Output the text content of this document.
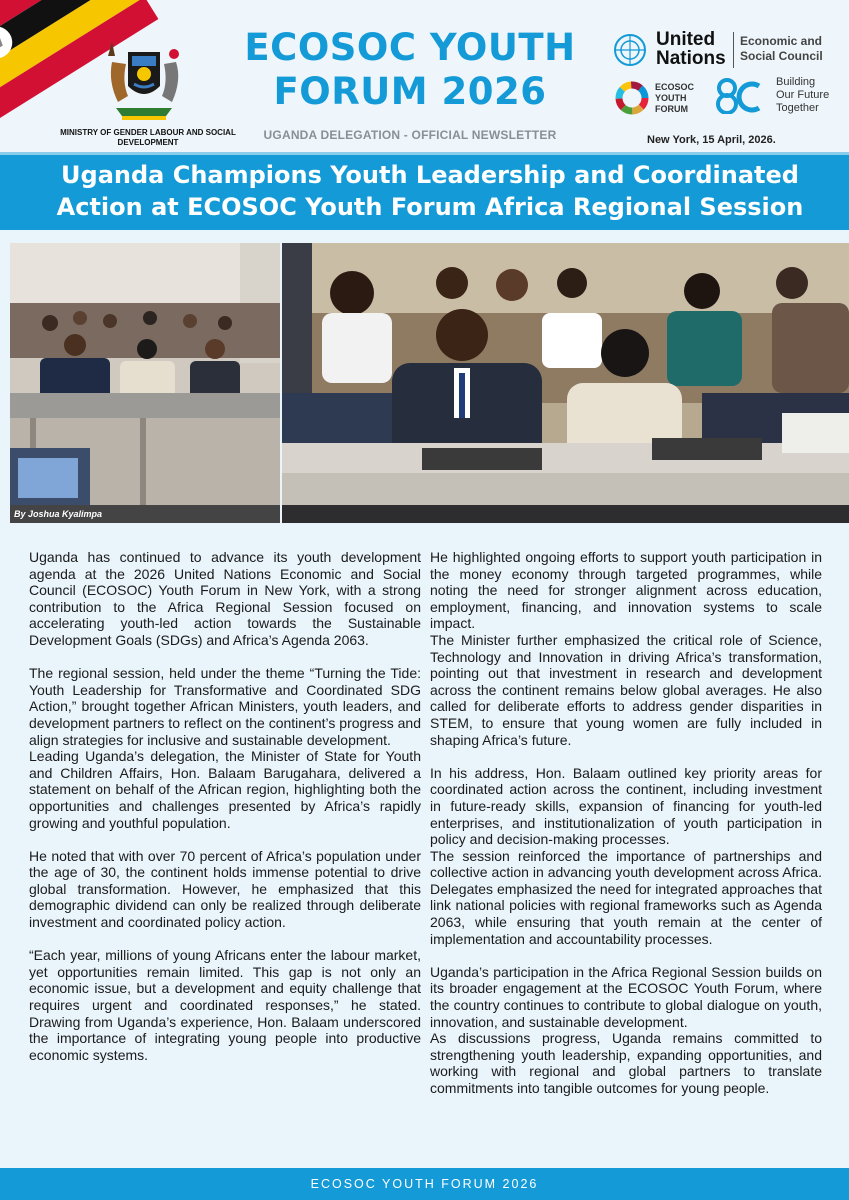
MINISTRY OF GENDER LABOUR AND SOCIAL DEVELOPMENT
ECOSOC YOUTH
FORUM 2026
UGANDA DELEGATION - OFFICIAL NEWSLETTER
United
Nations
Economic and
Social Council
ECOSOC
YOUTH
FORUM
Building
Our Future
Together
New York, 15 April, 2026.
Uganda Champions Youth Leadership and Coordinated
Action at ECOSOC Youth Forum Africa Regional Session
By Joshua Kyalimpa

Uganda has continued to advance its youth development agenda at the 2026 United Nations Economic and Social Council (ECOSOC) Youth Forum in New York, with a strong contribution to the Africa Regional Session focused on accelerating youth-led action towards the Sustainable Development Goals (SDGs) and Africa’s Agenda 2063.

The regional session, held under the theme “Turning the Tide: Youth Leadership for Transformative and Coordinated SDG Action,” brought together African Ministers, youth leaders, and development partners to reflect on the continent’s progress and align strategies for inclusive and sustainable development.

Leading Uganda’s delegation, the Minister of State for Youth and Children Affairs, Hon. Balaam Barugahara, delivered a statement on behalf of the African region, highlighting both the opportunities and challenges presented by Africa’s rapidly growing and youthful population.

He noted that with over 70 percent of Africa’s population under the age of 30, the continent holds immense potential to drive global transformation. However, he emphasized that this demographic dividend can only be realized through deliberate investment and coordinated policy action.

“Each year, millions of young Africans enter the labour market, yet opportunities remain limited. This gap is not only an economic issue, but a development and equity challenge that requires urgent and coordinated responses,” he stated. Drawing from Uganda’s experience, Hon. Balaam underscored the importance of integrating young people into productive economic systems.

He highlighted ongoing efforts to support youth participation in the money economy through targeted programmes, while noting the need for stronger alignment across education, employment, financing, and innovation systems to scale impact.

The Minister further emphasized the critical role of Science, Technology and Innovation in driving Africa’s transformation, pointing out that investment in research and development across the continent remains below global averages. He also called for deliberate efforts to address gender disparities in STEM, to ensure that young women are fully included in shaping Africa’s future.

In his address, Hon. Balaam outlined key priority areas for coordinated action across the continent, including investment in future-ready skills, expansion of financing for youth-led enterprises, and institutionalization of youth participation in policy and decision-making processes.

The session reinforced the importance of partnerships and collective action in advancing youth development across Africa. Delegates emphasized the need for integrated approaches that link national policies with regional frameworks such as Agenda 2063, while ensuring that youth remain at the center of implementation and accountability processes.

Uganda’s participation in the Africa Regional Session builds on its broader engagement at the ECOSOC Youth Forum, where the country continues to contribute to global dialogue on youth, innovation, and sustainable development.

As discussions progress, Uganda remains committed to strengthening youth leadership, expanding opportunities, and working with regional and global partners to translate commitments into tangible outcomes for young people.

ECOSOC YOUTH FORUM 2026
